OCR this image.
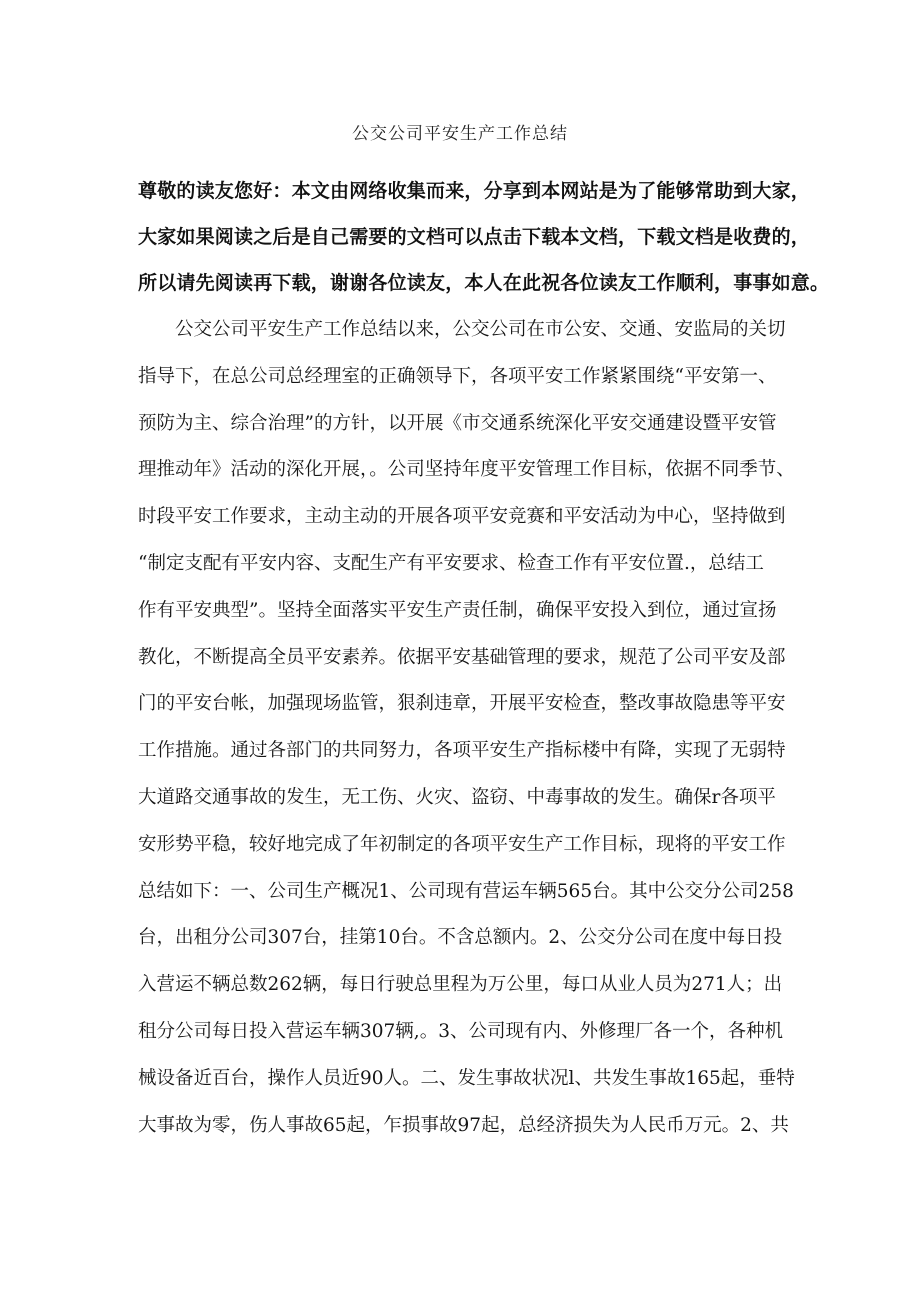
公交公司平安生产工作总结
尊敬的读友您好：本文由网络收集而来，分享到本网站是为了能够常助到大家，
大家如果阅读之后是自己需要的文档可以点击下载本文档，下载文档是收费的，
所以请先阅读再下载，谢谢各位读友，本人在此祝各位读友工作顺利，事事如意。
公交公司平安生产工作总结以来，公交公司在市公安、交通、安监局的关切
指导下，在总公司总经理室的正确领导下，各项平安工作紧紧围绕“平安第一、
预防为主、综合治理”的方针，以开展《市交通系统深化平安交通建设暨平安管
理推动年》活动的深化开展，。公司坚持年度平安管理工作目标，依据不同季节、
时段平安工作要求，主动主动的开展各项平安竞赛和平安活动为中心，坚持做到
“制定支配有平安内容、支配生产有平安要求、检查工作有平安位置.，总结工
作有平安典型”。坚持全面落实平安生产责任制，确保平安投入到位，通过宣扬
教化，不断提高全员平安素养。依据平安基础管理的要求，规范了公司平安及部
门的平安台帐，加强现场监管，狠刹违章，开展平安检查，整改事故隐患等平安
工作措施。通过各部门的共同努力，各项平安生产指标楼中有降，实现了无弱特
大道路交通事故的发生，无工伤、火灾、盗窃、中毒事故的发生。确保r各项平
安形势平稳，较好地完成了年初制定的各项平安生产工作目标，现将的平安工作
总结如下：一、公司生产概况1、公司现有营运车辆565台。其中公交分公司258
台，出租分公司307台，挂第10台。不含总额内。2、公交分公司在度中每日投
入营运不辆总数262辆，每日行驶总里程为万公里，每口从业人员为271人；出
租分公司每日投入营运车辆307辆,。3、公司现有内、外修理厂各一个，各种机
械设备近百台，操作人员近90人。二、发生事故状况l、共发生事故165起，垂特
大事故为零，伤人事故65起，乍损事故97起，总经济损失为人民币万元。2、共
